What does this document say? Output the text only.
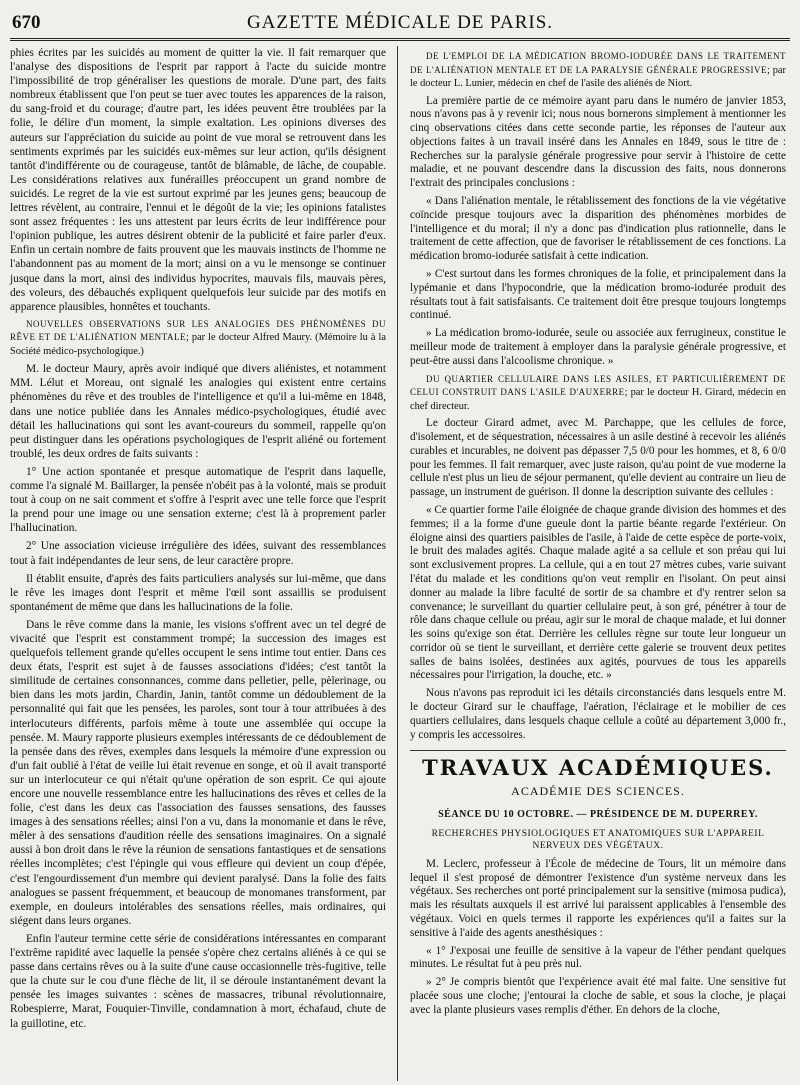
670	GAZETTE MÉDICALE DE PARIS.

phies écrites par les suicidés au moment de quitter la vie. Il fait remarquer que l'analyse des dispositions de l'esprit par rapport à l'acte du suicide montre l'impossibilité de trop généraliser les questions de morale. D'une part, des faits nombreux établissent que l'on peut se tuer avec toutes les apparences de la raison, du sang-froid et du courage; d'autre part, les idées peuvent être troublées par la folie, le délire d'un moment, la simple exaltation. Les opinions diverses des auteurs sur l'appréciation du suicide au point de vue moral se retrouvent dans les sentiments exprimés par les suicidés eux-mêmes sur leur action, qu'ils désignent tantôt d'indifférente ou de courageuse, tantôt de blâmable, de lâche, de coupable. Les considérations relatives aux funérailles préoccupent un grand nombre de suicidés. Le regret de la vie est surtout exprimé par les jeunes gens; beaucoup de lettres révèlent, au contraire, l'ennui et le dégoût de la vie; les opinions fatalistes sont assez fréquentes : les uns attestent par leurs écrits de leur indifférence pour l'opinion publique, les autres désirent obtenir de la publicité et faire parler d'eux. Enfin un certain nombre de faits prouvent que les mauvais instincts de l'homme ne l'abandonnent pas au moment de la mort; ainsi on a vu le mensonge se continuer jusque dans la mort, ainsi des individus hypocrites, mauvais fils, mauvais pères, des voleurs, des débauchés expliquent quelquefois leur suicide par des motifs en apparence plausibles, honnêtes et touchants.

NOUVELLES OBSERVATIONS SUR LES ANALOGIES DES PHÉNOMÈNES DU RÊVE ET DE L'ALIÉNATION MENTALE; par le docteur Alfred Maury. (Mémoire lu à la Société médico-psychologique.)

M. le docteur Maury, après avoir indiqué que divers aliénistes, et notamment MM. Lélut et Moreau, ont signalé les analogies qui existent entre certains phénomènes du rêve et des troubles de l'intelligence et qu'il a lui-même en 1848, dans une notice publiée dans les Annales médico-psychologiques, étudié avec détail les hallucinations qui sont les avant-coureurs du sommeil, rappelle qu'on peut distinguer dans les opérations psychologiques de l'esprit aliéné ou fortement troublé, les deux ordres de faits suivants :

1° Une action spontanée et presque automatique de l'esprit dans laquelle, comme l'a signalé M. Baillarger, la pensée n'obéit pas à la volonté, mais se produit tout à coup on ne sait comment et s'offre à l'esprit avec une telle force que l'esprit la prend pour une image ou une sensation externe; c'est là à proprement parler l'hallucination.

2° Une association vicieuse irrégulière des idées, suivant des ressemblances tout à fait indépendantes de leur sens, de leur caractère propre.

Il établit ensuite, d'après des faits particuliers analysés sur lui-même, que dans le rêve les images dont l'esprit et même l'œil sont assaillis se produisent spontanément de même que dans les hallucinations de la folie.

Dans le rêve comme dans la manie, les visions s'offrent avec un tel degré de vivacité que l'esprit est constamment trompé; la succession des images est quelquefois tellement grande qu'elles occupent le sens intime tout entier. Dans ces deux états, l'esprit est sujet à de fausses associations d'idées; c'est tantôt la similitude de certaines consonnances, comme dans pelletier, pelle, pèlerinage, ou bien dans les mots jardin, Chardin, Janin, tantôt comme un dédoublement de la personnalité qui fait que les pensées, les paroles, sont tour à tour attribuées à des interlocuteurs différents, parfois même à toute une assemblée qui occupe la pensée. M. Maury rapporte plusieurs exemples intéressants de ce dédoublement de la pensée dans des rêves, exemples dans lesquels la mémoire d'une expression ou d'un fait oublié à l'état de veille lui était revenue en songe, et où il avait transporté sur un interlocuteur ce qui n'était qu'une opération de son esprit. Ce qui ajoute encore une nouvelle ressemblance entre les hallucinations des rêves et celles de la folie, c'est dans les deux cas l'association des fausses sensations, des fausses images à des sensations réelles; ainsi l'on a vu, dans la monomanie et dans le rêve, mêler à des sensations d'audition réelle des sensations imaginaires. On a signalé aussi à bon droit dans le rêve la réunion de sensations fantastiques et de sensations réelles incomplètes; c'est l'épingle qui vous effleure qui devient un coup d'épée, c'est l'engourdissement d'un membre qui devient paralysé. Dans la folie des faits analogues se passent fréquemment, et beaucoup de monomanes transforment, par exemple, en douleurs intolérables des sensations réelles, mais ordinaires, qui siégent dans leurs organes.

Enfin l'auteur termine cette série de considérations intéressantes en comparant l'extrême rapidité avec laquelle la pensée s'opère chez certains aliénés à ce qui se passe dans certains rêves ou à la suite d'une cause occasionnelle très-fugitive, telle que la chute sur le cou d'une flèche de lit, il se déroule instantanément devant la pensée les images suivantes : scènes de massacres, tribunal révolutionnaire, Robespierre, Marat, Fouquier-Tinville, condamnation à mort, échafaud, chute de la guillotine, etc.

DE L'EMPLOI DE LA MÉDICATION BROMO-IODURÉE DANS LE TRAITEMENT DE L'ALIÉNATION MENTALE ET DE LA PARALYSIE GÉNÉRALE PROGRESSIVE; par le docteur L. Lunier, médecin en chef de l'asile des aliénés de Niort.

La première partie de ce mémoire ayant paru dans le numéro de janvier 1853, nous n'avons pas à y revenir ici; nous nous bornerons simplement à mentionner les cinq observations citées dans cette seconde partie, les réponses de l'auteur aux objections faites à un travail inséré dans les Annales en 1849, sous le titre de : Recherches sur la paralysie générale progressive pour servir à l'histoire de cette maladie, et ne pouvant descendre dans la discussion des faits, nous donnerons l'extrait des principales conclusions :

« Dans l'aliénation mentale, le rétablissement des fonctions de la vie végétative coïncide presque toujours avec la disparition des phénomènes morbides de l'intelligence et du moral; il n'y a donc pas d'indication plus rationnelle, dans le traitement de cette affection, que de favoriser le rétablissement de ces fonctions. La médication bromo-iodurée satisfait à cette indication.

» C'est surtout dans les formes chroniques de la folie, et principalement dans la lypémanie et dans l'hypocondrie, que la médication bromo-iodurée produit des résultats tout à fait satisfaisants. Ce traitement doit être presque toujours longtemps continué.

» La médication bromo-iodurée, seule ou associée aux ferrugineux, constitue le meilleur mode de traitement à employer dans la paralysie générale progressive, et peut-être aussi dans l'alcoolisme chronique. »

DU QUARTIER CELLULAIRE DANS LES ASILES, ET PARTICULIÈREMENT DE CELUI CONSTRUIT DANS L'ASILE D'AUXERRE; par le docteur H. Girard, médecin en chef directeur.

Le docteur Girard admet, avec M. Parchappe, que les cellules de force, d'isolement, et de séquestration, nécessaires à un asile destiné à recevoir les aliénés curables et incurables, ne doivent pas dépasser 7,5 0/0 pour les hommes, et 8, 6 0/0 pour les femmes. Il fait remarquer, avec juste raison, qu'au point de vue moderne la cellule n'est plus un lieu de séjour permanent, qu'elle devient au contraire un lieu de passage, un instrument de guérison. Il donne la description suivante des cellules :

« Ce quartier forme l'aile éloignée de chaque grande division des hommes et des femmes; il a la forme d'une gueule dont la partie béante regarde l'extérieur. On éloigne ainsi des quartiers paisibles de l'asile, à l'aide de cette espèce de porte-voix, le bruit des malades agités. Chaque malade agité a sa cellule et son préau qui lui sont exclusivement propres. La cellule, qui a en tout 27 mètres cubes, varie suivant l'état du malade et les conditions qu'on veut remplir en l'isolant. On peut ainsi donner au malade la libre faculté de sortir de sa chambre et d'y rentrer selon sa convenance; le surveillant du quartier cellulaire peut, à son gré, pénétrer à tour de rôle dans chaque cellule ou préau, agir sur le moral de chaque malade, et lui donner les soins qu'exige son état. Derrière les cellules règne sur toute leur longueur un corridor où se tient le surveillant, et derrière cette galerie se trouvent deux petites salles de bains isolées, destinées aux agités, pourvues de tous les appareils nécessaires pour l'irrigation, la douche, etc. »

Nous n'avons pas reproduit ici les détails circonstanciés dans lesquels entre M. le docteur Girard sur le chauffage, l'aération, l'éclairage et le mobilier de ces quartiers cellulaires, dans lesquels chaque cellule a coûté au département 3,000 fr., y compris les accessoires.

TRAVAUX ACADÉMIQUES.
ACADÉMIE DES SCIENCES.
SÉANCE DU 10 OCTOBRE. — PRÉSIDENCE DE M. DUPERREY.
RECHERCHES PHYSIOLOGIQUES ET ANATOMIQUES SUR L'APPAREIL NERVEUX DES VÉGÉTAUX.

M. Leclerc, professeur à l'École de médecine de Tours, lit un mémoire dans lequel il s'est proposé de démontrer l'existence d'un système nerveux dans les végétaux. Ses recherches ont porté principalement sur la sensitive (mimosa pudica), mais les résultats auxquels il est arrivé lui paraissent applicables à l'ensemble des végétaux. Voici en quels termes il rapporte les expériences qu'il a faites sur la sensitive à l'aide des agents anesthésiques :

« 1° J'exposai une feuille de sensitive à la vapeur de l'éther pendant quelques minutes. Le résultat fut à peu près nul.

» 2° Je compris bientôt que l'expérience avait été mal faite. Une sensitive fut placée sous une cloche; j'entourai la cloche de sable, et sous la cloche, je plaçai avec la plante plusieurs vases remplis d'éther. En dehors de la cloche,
